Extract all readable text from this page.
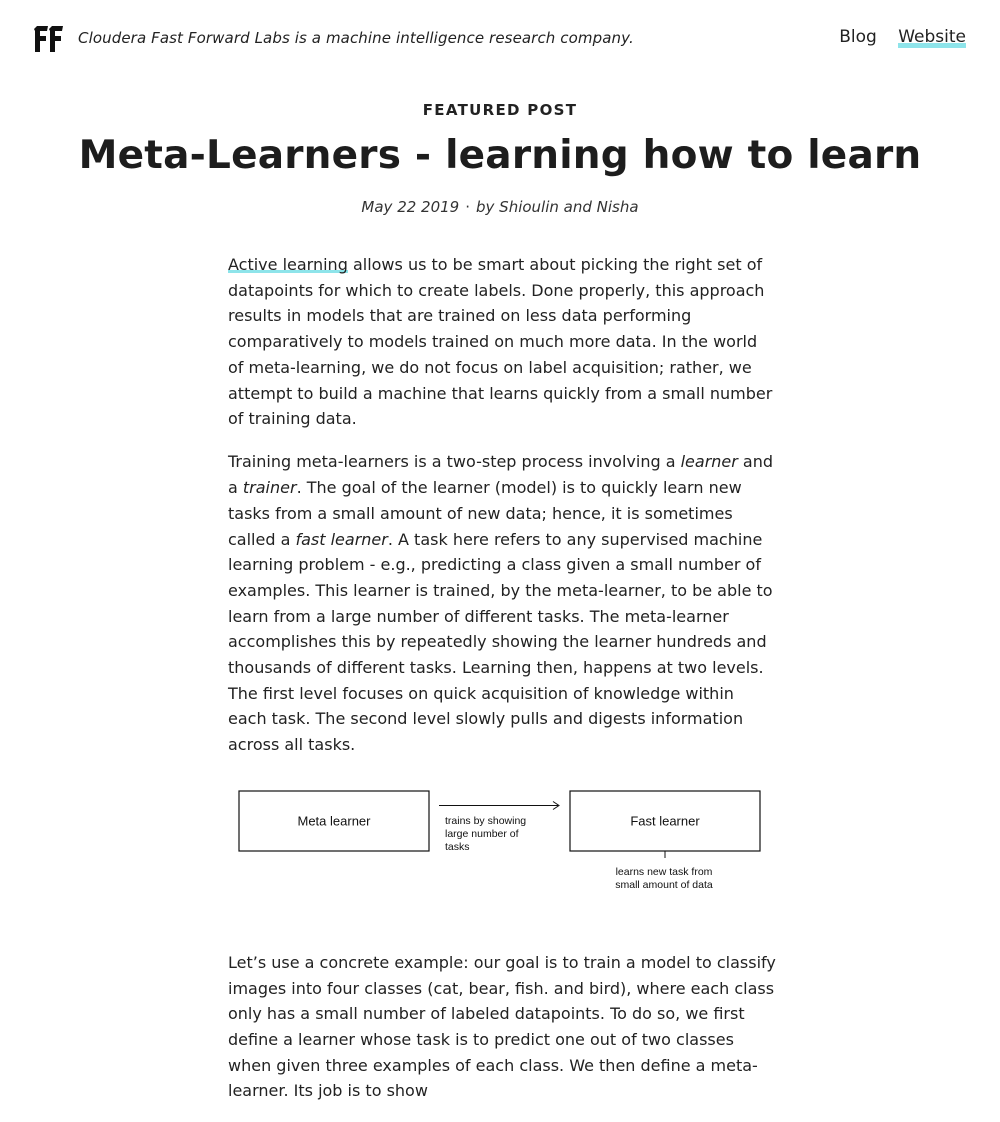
Cloudera Fast Forward Labs is a machine intelligence research company.	Blog Website
FEATURED POST
Meta-Learners - learning how to learn
May 22 2019 · by Shioulin and Nisha

Active learning allows us to be smart about picking the right set of datapoints for which to create labels. Done properly, this approach results in models that are trained on less data performing comparatively to models trained on much more data. In the world of meta-learning, we do not focus on label acquisition; rather, we attempt to build a machine that learns quickly from a small number of training data.

Training meta-learners is a two-step process involving a learner and a trainer. The goal of the learner (model) is to quickly learn new tasks from a small amount of new data; hence, it is sometimes called a fast learner. A task here refers to any supervised machine learning problem - e.g., predicting a class given a small number of examples. This learner is trained, by the meta-learner, to be able to learn from a large number of different tasks. The meta-learner accomplishes this by repeatedly showing the learner hundreds and thousands of different tasks. Learning then, happens at two levels. The first level focuses on quick acquisition of knowledge within each task. The second level slowly pulls and digests information across all tasks.

Meta learner	trains by showing
large number of
tasks
Fast learner
learns new task from
small amount of data

Let’s use a concrete example: our goal is to train a model to classify images into four classes (cat, bear, fish. and bird), where each class only has a small number of labeled datapoints. To do so, we first define a learner whose task is to predict one out of two classes when given three examples of each class. We then define a meta-learner. Its job is to show
